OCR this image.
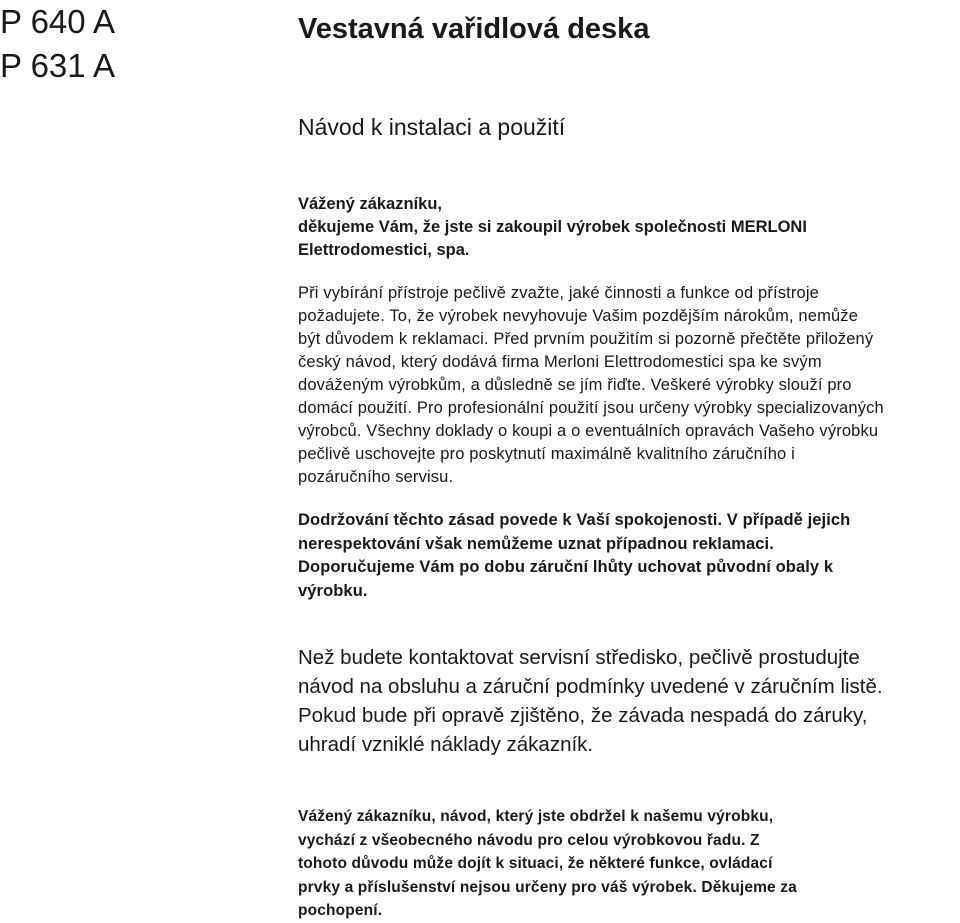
P 640 A
P 631 A
Vestavná vařidlová deska
Návod k instalaci a použití
Vážený zákazníku,
děkujeme Vám, že jste si zakoupil výrobek společnosti MERLONI
Elettrodomestici, spa.
Při vybírání přístroje pečlivě zvažte, jaké činnosti a funkce od přístroje
požadujete. To, že výrobek nevyhovuje Vašim pozdějším nárokům, nemůže
být důvodem k reklamaci. Před prvním použitím si pozorně přečtěte přiložený
český návod, který dodává firma Merloni Elettrodomestici spa ke svým
dováženým výrobkům, a důsledně se jím řiďte. Veškeré výrobky slouží pro
domácí použití. Pro profesionální použití jsou určeny výrobky specializovaných
výrobců. Všechny doklady o koupi a o eventuálních opravách Vašeho výrobku
pečlivě uschovejte pro poskytnutí maximálně kvalitního záručního i
pozáručního servisu.
Dodržování těchto zásad povede k Vaší spokojenosti. V případě jejich
nerespektování však nemůžeme uznat případnou reklamaci.
Doporučujeme Vám po dobu záruční lhůty uchovat původní obaly k
výrobku.
Než budete kontaktovat servisní středisko, pečlivě prostudujte
návod na obsluhu a záruční podmínky uvedené v záručním listě.
Pokud bude při opravě zjištěno, že závada nespadá do záruky,
uhradí vzniklé náklady zákazník.
Vážený zákazníku, návod, který jste obdržel k našemu výrobku,
vychází z všeobecného návodu pro celou výrobkovou řadu. Z
tohoto důvodu může dojít k situaci, že některé funkce, ovládací
prvky a příslušenství nejsou určeny pro váš výrobek. Děkujeme za
pochopení.
